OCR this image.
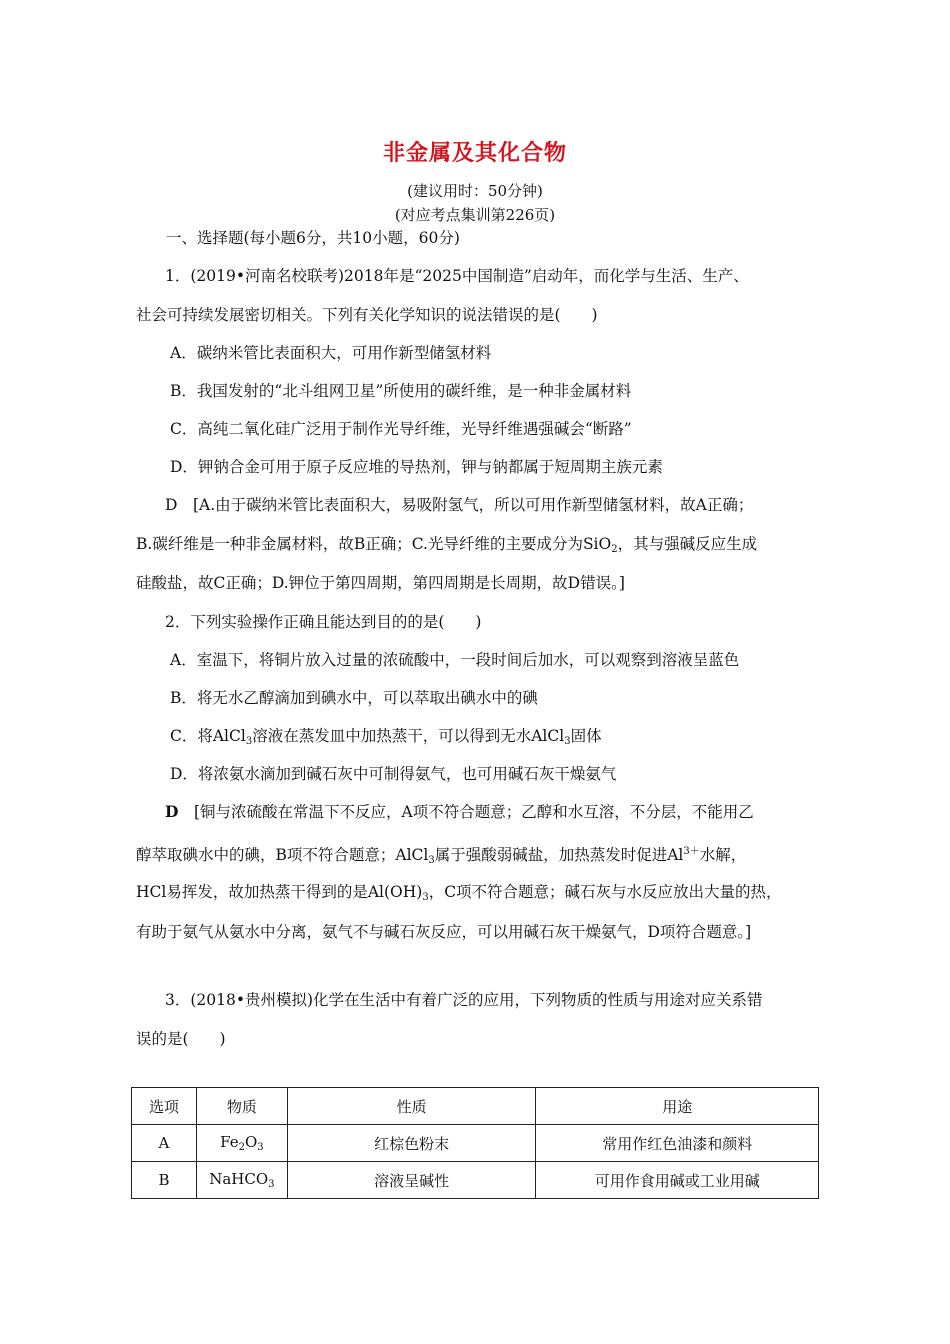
非金属及其化合物
(建议用时：50分钟)
(对应考点集训第226页)
一、选择题(每小题6分，共10小题，60分)
1．(2019•河南名校联考)2018年是“2025中国制造”启动年，而化学与生活、生产、
社会可持续发展密切相关。下列有关化学知识的说法错误的是(　　)
A．碳纳米管比表面积大，可用作新型储氢材料
B．我国发射的“北斗组网卫星”所使用的碳纤维，是一种非金属材料
C．高纯二氧化硅广泛用于制作光导纤维，光导纤维遇强碱会“断路”
D．钾钠合金可用于原子反应堆的导热剂，钾与钠都属于短周期主族元素
D　 [A.由于碳纳米管比表面积大，易吸附氢气，所以可用作新型储氢材料，故A正确；
B.碳纤维是一种非金属材料，故B正确；C.光导纤维的主要成分为SiO$_2$，其与强碱反应生成
硅酸盐，故C正确；D.钾位于第四周期，第四周期是长周期，故D错误。]
2．下列实验操作正确且能达到目的的是(　　)
A．室温下，将铜片放入过量的浓硫酸中，一段时间后加水，可以观察到溶液呈蓝色
B．将无水乙醇滴加到碘水中，可以萃取出碘水中的碘
C．将AlCl$_3$溶液在蒸发皿中加热蒸干，可以得到无水AlCl$_3$固体
D．将浓氨水滴加到碱石灰中可制得氨气，也可用碱石灰干燥氨气
D　 [铜与浓硫酸在常温下不反应，A项不符合题意；乙醇和水互溶，不分层，不能用乙
醇萃取碘水中的碘，B项不符合题意；AlCl$_3$属于强酸弱碱盐，加热蒸发时促进$Al^{3+}$水解，
HCl易挥发，故加热蒸干得到的是$Al(OH)_3$，C项不符合题意；碱石灰与水反应放出大量的热，
有助于氨气从氨水中分离，氨气不与碱石灰反应，可以用碱石灰干燥氨气，D项符合题意。]
3．(2018•贵州模拟)化学在生活中有着广泛的应用，下列物质的性质与用途对应关系错
误的是(　　)
选项	物质	性质	用途
A	$Fe_2O_3$	红棕色粉末	常用作红色油漆和颜料
B	NaHCO$_3$	溶液呈碱性	可用作食用碱或工业用碱
